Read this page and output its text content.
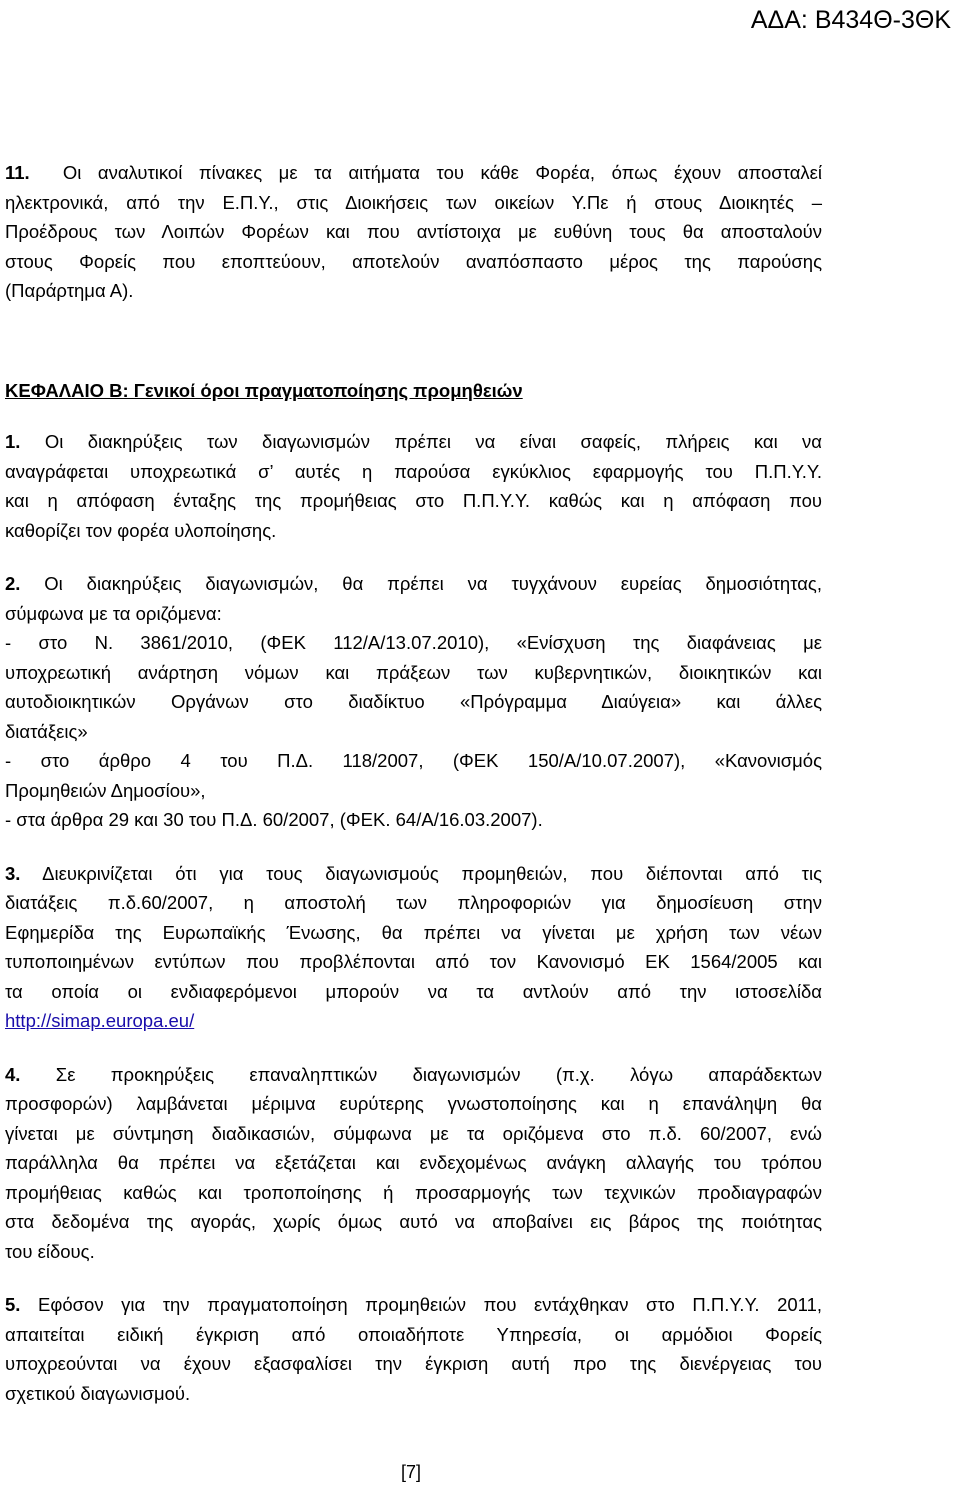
ΑΔΑ: Β434Θ-3ΘΚ
11. Οι αναλυτικοί πίνακες με τα αιτήματα του κάθε Φορέα, όπως έχουν αποσταλεί
ηλεκτρονικά, από την Ε.Π.Υ., στις Διοικήσεις των οικείων Υ.Πε ή στους Διοικητές –
Προέδρους των Λοιπών Φορέων και που αντίστοιχα με ευθύνη τους θα αποσταλούν
στους Φορείς που εποπτεύουν, αποτελούν αναπόσπαστο μέρος της παρούσης
(Παράρτημα Α).
ΚΕΦΑΛΑΙΟ Β: Γενικοί όροι πραγματοποίησης προμηθειών
1. Οι διακηρύξεις των διαγωνισμών πρέπει να είναι σαφείς, πλήρεις και να
αναγράφεται υποχρεωτικά σ’ αυτές η παρούσα εγκύκλιος εφαρμογής του Π.Π.Υ.Υ.
και η απόφαση ένταξης της προμήθειας στο Π.Π.Υ.Υ. καθώς και η απόφαση που
καθορίζει τον φορέα υλοποίησης.
2. Οι διακηρύξεις διαγωνισμών, θα πρέπει να τυγχάνουν ευρείας δημοσιότητας,
σύμφωνα με τα οριζόμενα:
- στο Ν. 3861/2010, (ΦΕΚ 112/Α/13.07.2010), «Ενίσχυση της διαφάνειας με
υποχρεωτική ανάρτηση νόμων και πράξεων των κυβερνητικών, διοικητικών και
αυτοδιοικητικών Οργάνων στο διαδίκτυο «Πρόγραμμα Διαύγεια» και άλλες
διατάξεις»
- στο άρθρο 4 του Π.Δ. 118/2007, (ΦΕΚ 150/Α/10.07.2007), «Κανονισμός
Προμηθειών Δημοσίου»,
- στα άρθρα 29 και 30 του Π.Δ. 60/2007, (ΦΕΚ. 64/Α/16.03.2007).
3. Διευκρινίζεται ότι για τους διαγωνισμούς προμηθειών, που διέπονται από τις
διατάξεις π.δ.60/2007, η αποστολή των πληροφοριών για δημοσίευση στην
Εφημερίδα της Ευρωπαϊκής Ένωσης, θα πρέπει να γίνεται με χρήση των νέων
τυποποιημένων εντύπων που προβλέπονται από τον Κανονισμό ΕΚ 1564/2005 και
τα οποία οι ενδιαφερόμενοι μπορούν να τα αντλούν από την ιστοσελίδα
http://simap.europa.eu/
4. Σε προκηρύξεις επαναληπτικών διαγωνισμών (π.χ. λόγω απαράδεκτων
προσφορών) λαμβάνεται μέριμνα ευρύτερης γνωστοποίησης και η επανάληψη θα
γίνεται με σύντμηση διαδικασιών, σύμφωνα με τα οριζόμενα στο π.δ. 60/2007, ενώ
παράλληλα θα πρέπει να εξετάζεται και ενδεχομένως ανάγκη αλλαγής του τρόπου
προμήθειας καθώς και τροποποίησης ή προσαρμογής των τεχνικών προδιαγραφών
στα δεδομένα της αγοράς, χωρίς όμως αυτό να αποβαίνει εις βάρος της ποιότητας
του είδους.
5. Εφόσον για την πραγματοποίηση προμηθειών που εντάχθηκαν στο Π.Π.Υ.Υ. 2011,
απαιτείται ειδική έγκριση από οποιαδήποτε Υπηρεσία, οι αρμόδιοι Φορείς
υποχρεούνται να έχουν εξασφαλίσει την έγκριση αυτή προ της διενέργειας του
σχετικού διαγωνισμού.
[7]
